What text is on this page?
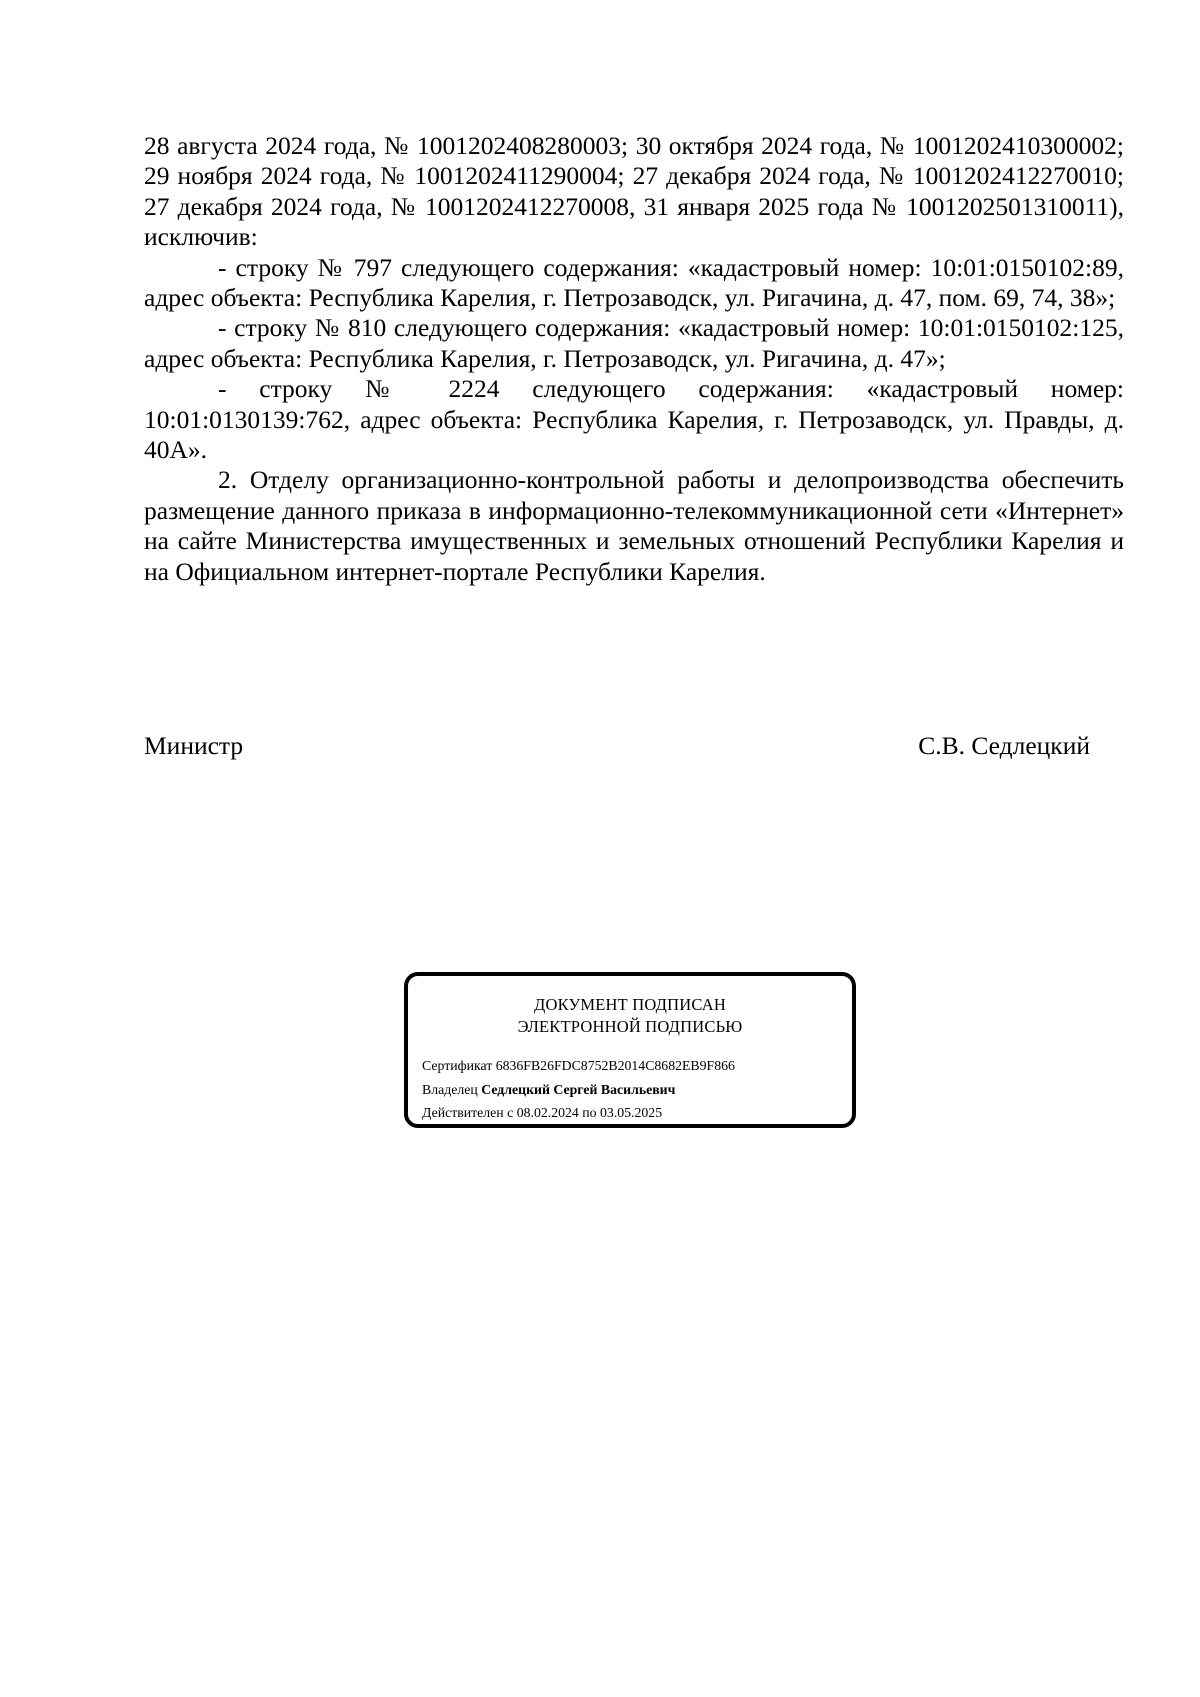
28 августа 2024 года, № 1001202408280003; 30 октября 2024 года, № 1001202410300002; 29 ноября 2024 года, № 1001202411290004; 27 декабря 2024 года, № 1001202412270010; 27 декабря 2024 года, № 1001202412270008, 31 января 2025 года № 1001202501310011), исключив:

- строку № 797 следующего содержания: «кадастровый номер: 10:01:0150102:89, адрес объекта: Республика Карелия, г. Петрозаводск, ул. Ригачина, д. 47, пом. 69, 74, 38»;

- строку № 810 следующего содержания: «кадастровый номер: 10:01:0150102:125, адрес объекта: Республика Карелия, г. Петрозаводск, ул. Ригачина, д. 47»;

- строку № 2224 следующего содержания: «кадастровый номер: 10:01:0130139:762, адрес объекта: Республика Карелия, г. Петрозаводск, ул. Правды, д. 40А».

2. Отделу организационно-контрольной работы и делопроизводства обеспечить размещение данного приказа в информационно-телекоммуникационной сети «Интернет» на сайте Министерства имущественных и земельных отношений Республики Карелия и на Официальном интернет-портале Республики Карелия.

Министр	С.В. Седлецкий
ДОКУМЕНТ ПОДПИСАН
ЭЛЕКТРОННОЙ ПОДПИСЬЮ
Сертификат 6836FB26FDC8752B2014C8682EB9F866
Владелец Седлецкий Сергей Васильевич
Действителен с 08.02.2024 по 03.05.2025
